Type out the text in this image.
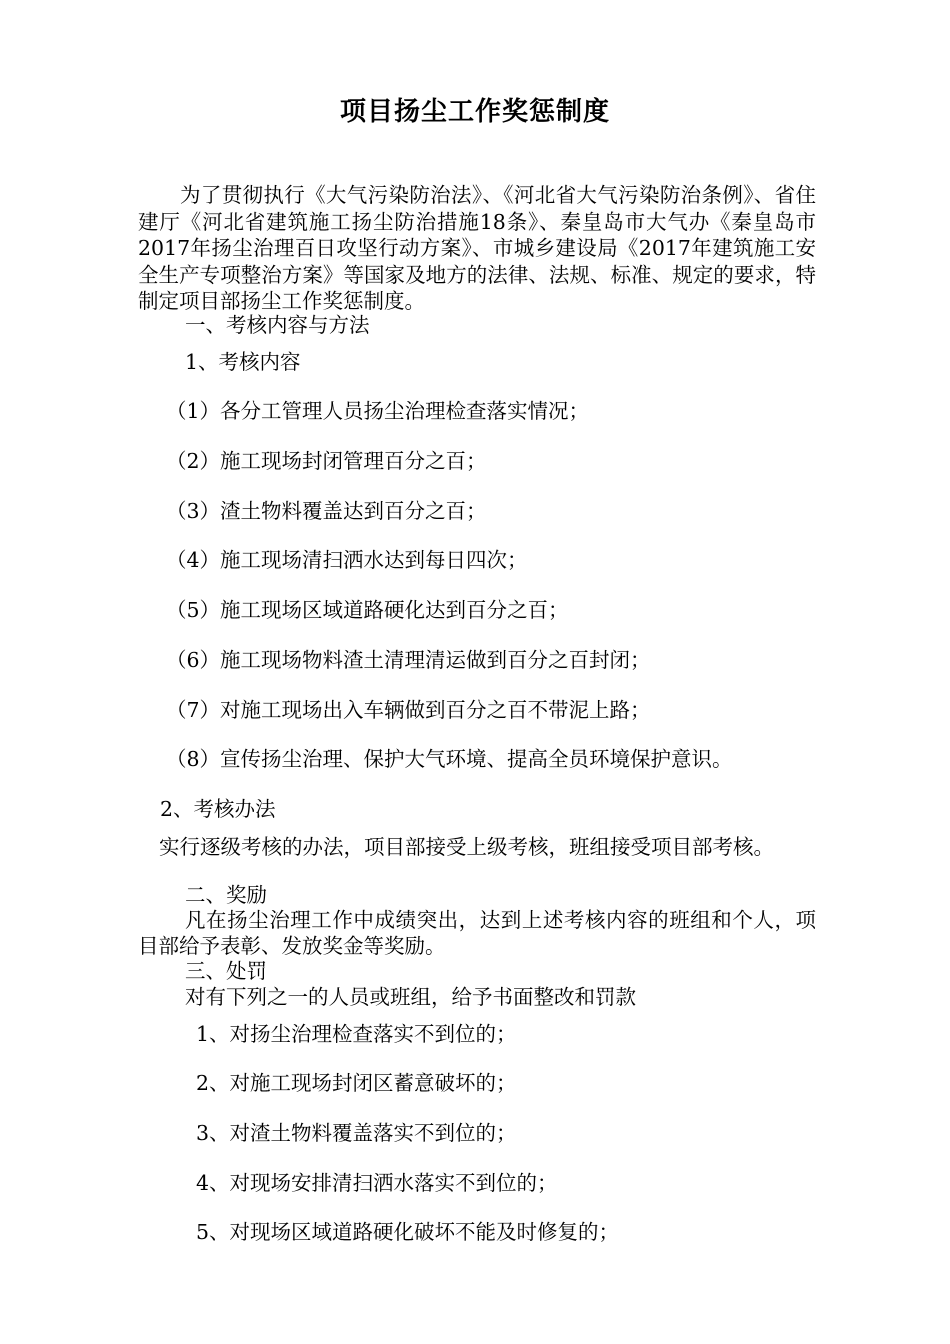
项目扬尘工作奖惩制度
为了贯彻执行《大气污染防治法》、《河北省大气污染防治条例》、省住建厅《河北省建筑施工扬尘防治措施18条》、秦皇岛市大气办《秦皇岛市2017年扬尘治理百日攻坚行动方案》、市城乡建设局《2017年建筑施工安全生产专项整治方案》等国家及地方的法律、法规、标准、规定的要求，特制定项目部扬尘工作奖惩制度。
一、考核内容与方法
1、考核内容
（1）各分工管理人员扬尘治理检查落实情况；
（2）施工现场封闭管理百分之百；
（3）渣土物料覆盖达到百分之百；
（4）施工现场清扫洒水达到每日四次；
（5）施工现场区域道路硬化达到百分之百；
（6）施工现场物料渣土清理清运做到百分之百封闭；
（7）对施工现场出入车辆做到百分之百不带泥上路；
（8）宣传扬尘治理、保护大气环境、提高全员环境保护意识。
2、考核办法
实行逐级考核的办法，项目部接受上级考核，班组接受项目部考核。
二、奖励
凡在扬尘治理工作中成绩突出，达到上述考核内容的班组和个人，项目部给予表彰、发放奖金等奖励。
三、处罚
对有下列之一的人员或班组，给予书面整改和罚款
1、对扬尘治理检查落实不到位的；
2、对施工现场封闭区蓄意破坏的；
3、对渣土物料覆盖落实不到位的；
4、对现场安排清扫洒水落实不到位的；
5、对现场区域道路硬化破坏不能及时修复的；
